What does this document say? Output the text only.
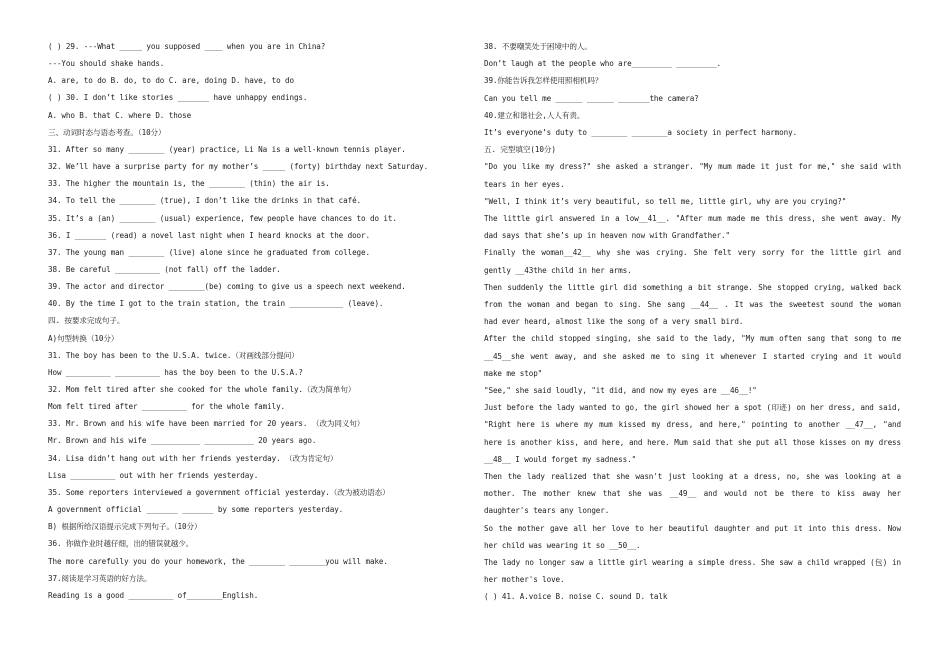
( ) 29. ---What _____ you supposed ____ when you are in China?
---You should shake hands.
A. are, to do B. do, to do C. are, doing D. have, to do
( ) 30. I don’t like stories _______ have unhappy endings.
A. who B. that C. where D. those
三、动词时态与语态考查。（10分）
31. After so many ________ (year) practice, Li Na is a well-known tennis player.
32. We’ll have a surprise party for my mother’s _____ (forty) birthday next Saturday.
33. The higher the mountain is, the ________ (thin) the air is.
34. To tell the ________ (true), I don’t like the drinks in that café.
35. It’s a (an) ________ (usual) experience, few people have chances to do it.
36. I _______ (read) a novel last night when I heard knocks at the door.
37. The young man ________ (live) alone since he graduated from college.
38. Be careful __________ (not fall) off the ladder.
39. The actor and director ________(be) coming to give us a speech next weekend.
40. By the time I got to the train station, the train ____________ (leave).
四. 按要求完成句子。
A)句型转换（10分）
31. The boy has been to the U.S.A. twice.（对画线部分提问）
How __________ __________ has the boy been to the U.S.A.?
32. Mom felt tired after she cooked for the whole family.（改为简单句）
Mom felt tired after __________ for the whole family.
33. Mr. Brown and his wife have been married for 20 years. （改为同义句）
Mr. Brown and his wife ___________ ___________ 20 years ago.
34. Lisa didn’t hang out with her friends yesterday. （改为肯定句）
Lisa __________ out with her friends yesterday.
35. Some reporters interviewed a government official yesterday.（改为被动语态）
A government official _______ _______ by some reporters yesterday.
B) 根据所给汉语提示完成下列句子。（10分）
36. 你做作业时越仔细，出的错误就越少。
The more carefully you do your homework, the ________ ________you will make.
37.阅读是学习英语的好方法。
Reading is a good __________ of________English.
38. 不要嘲笑处于困境中的人。
Don’t laugh at the people who are_________ _________.
39.你能告诉我怎样使用照相机吗？
Can you tell me ______ ______ _______the camera?
40.建立和谐社会,人人有责。
It’s everyone’s duty to ________ ________a society in perfect harmony.
五. 完型填空(10分)
"Do you like my dress?" she asked a stranger. "My mum made it just for me," she said with
tears in her eyes.
"Well, I think it’s very beautiful, so tell me, little girl, why are you crying?"
The little girl answered in a low__41__. "After mum made me this dress, she went away. My
dad says that she’s up in heaven now with Grandfather."
Finally the woman__42__ why she was crying. She felt very sorry for the little girl and
gently __43the child in her arms.
Then suddenly the little girl did something a bit strange. She stopped crying, walked back
from the woman and began to sing. She sang __44__ . It was the sweetest sound the woman
had ever heard, almost like the song of a very small bird.
After the child stopped singing, she said to the lady, "My mum often sang that song to me
__45__she went away, and she asked me to sing it whenever I started crying and it would
make me stop"
"See," she said loudly, "it did, and now my eyes are __46__!"
Just before the lady wanted to go, the girl showed her a spot (印迹) on her dress, and said,
"Right here is where my mum kissed my dress, and here," pointing to another __47__, "and
here is another kiss, and here, and here. Mum said that she put all those kisses on my dress
__48__ I would forget my sadness."
Then the lady realized that she wasn't just looking at a dress, no, she was looking at a
mother. The mother knew that she was __49__ and would not be there to kiss away her
daughter's tears any longer.
So the mother gave all her love to her beautiful daughter and put it into this dress. Now
her child was wearing it so __50__.
The lady no longer saw a little girl wearing a simple dress. She saw a child wrapped (包) in
her mother's love.
( ) 41. A.voice B. noise C. sound D. talk
